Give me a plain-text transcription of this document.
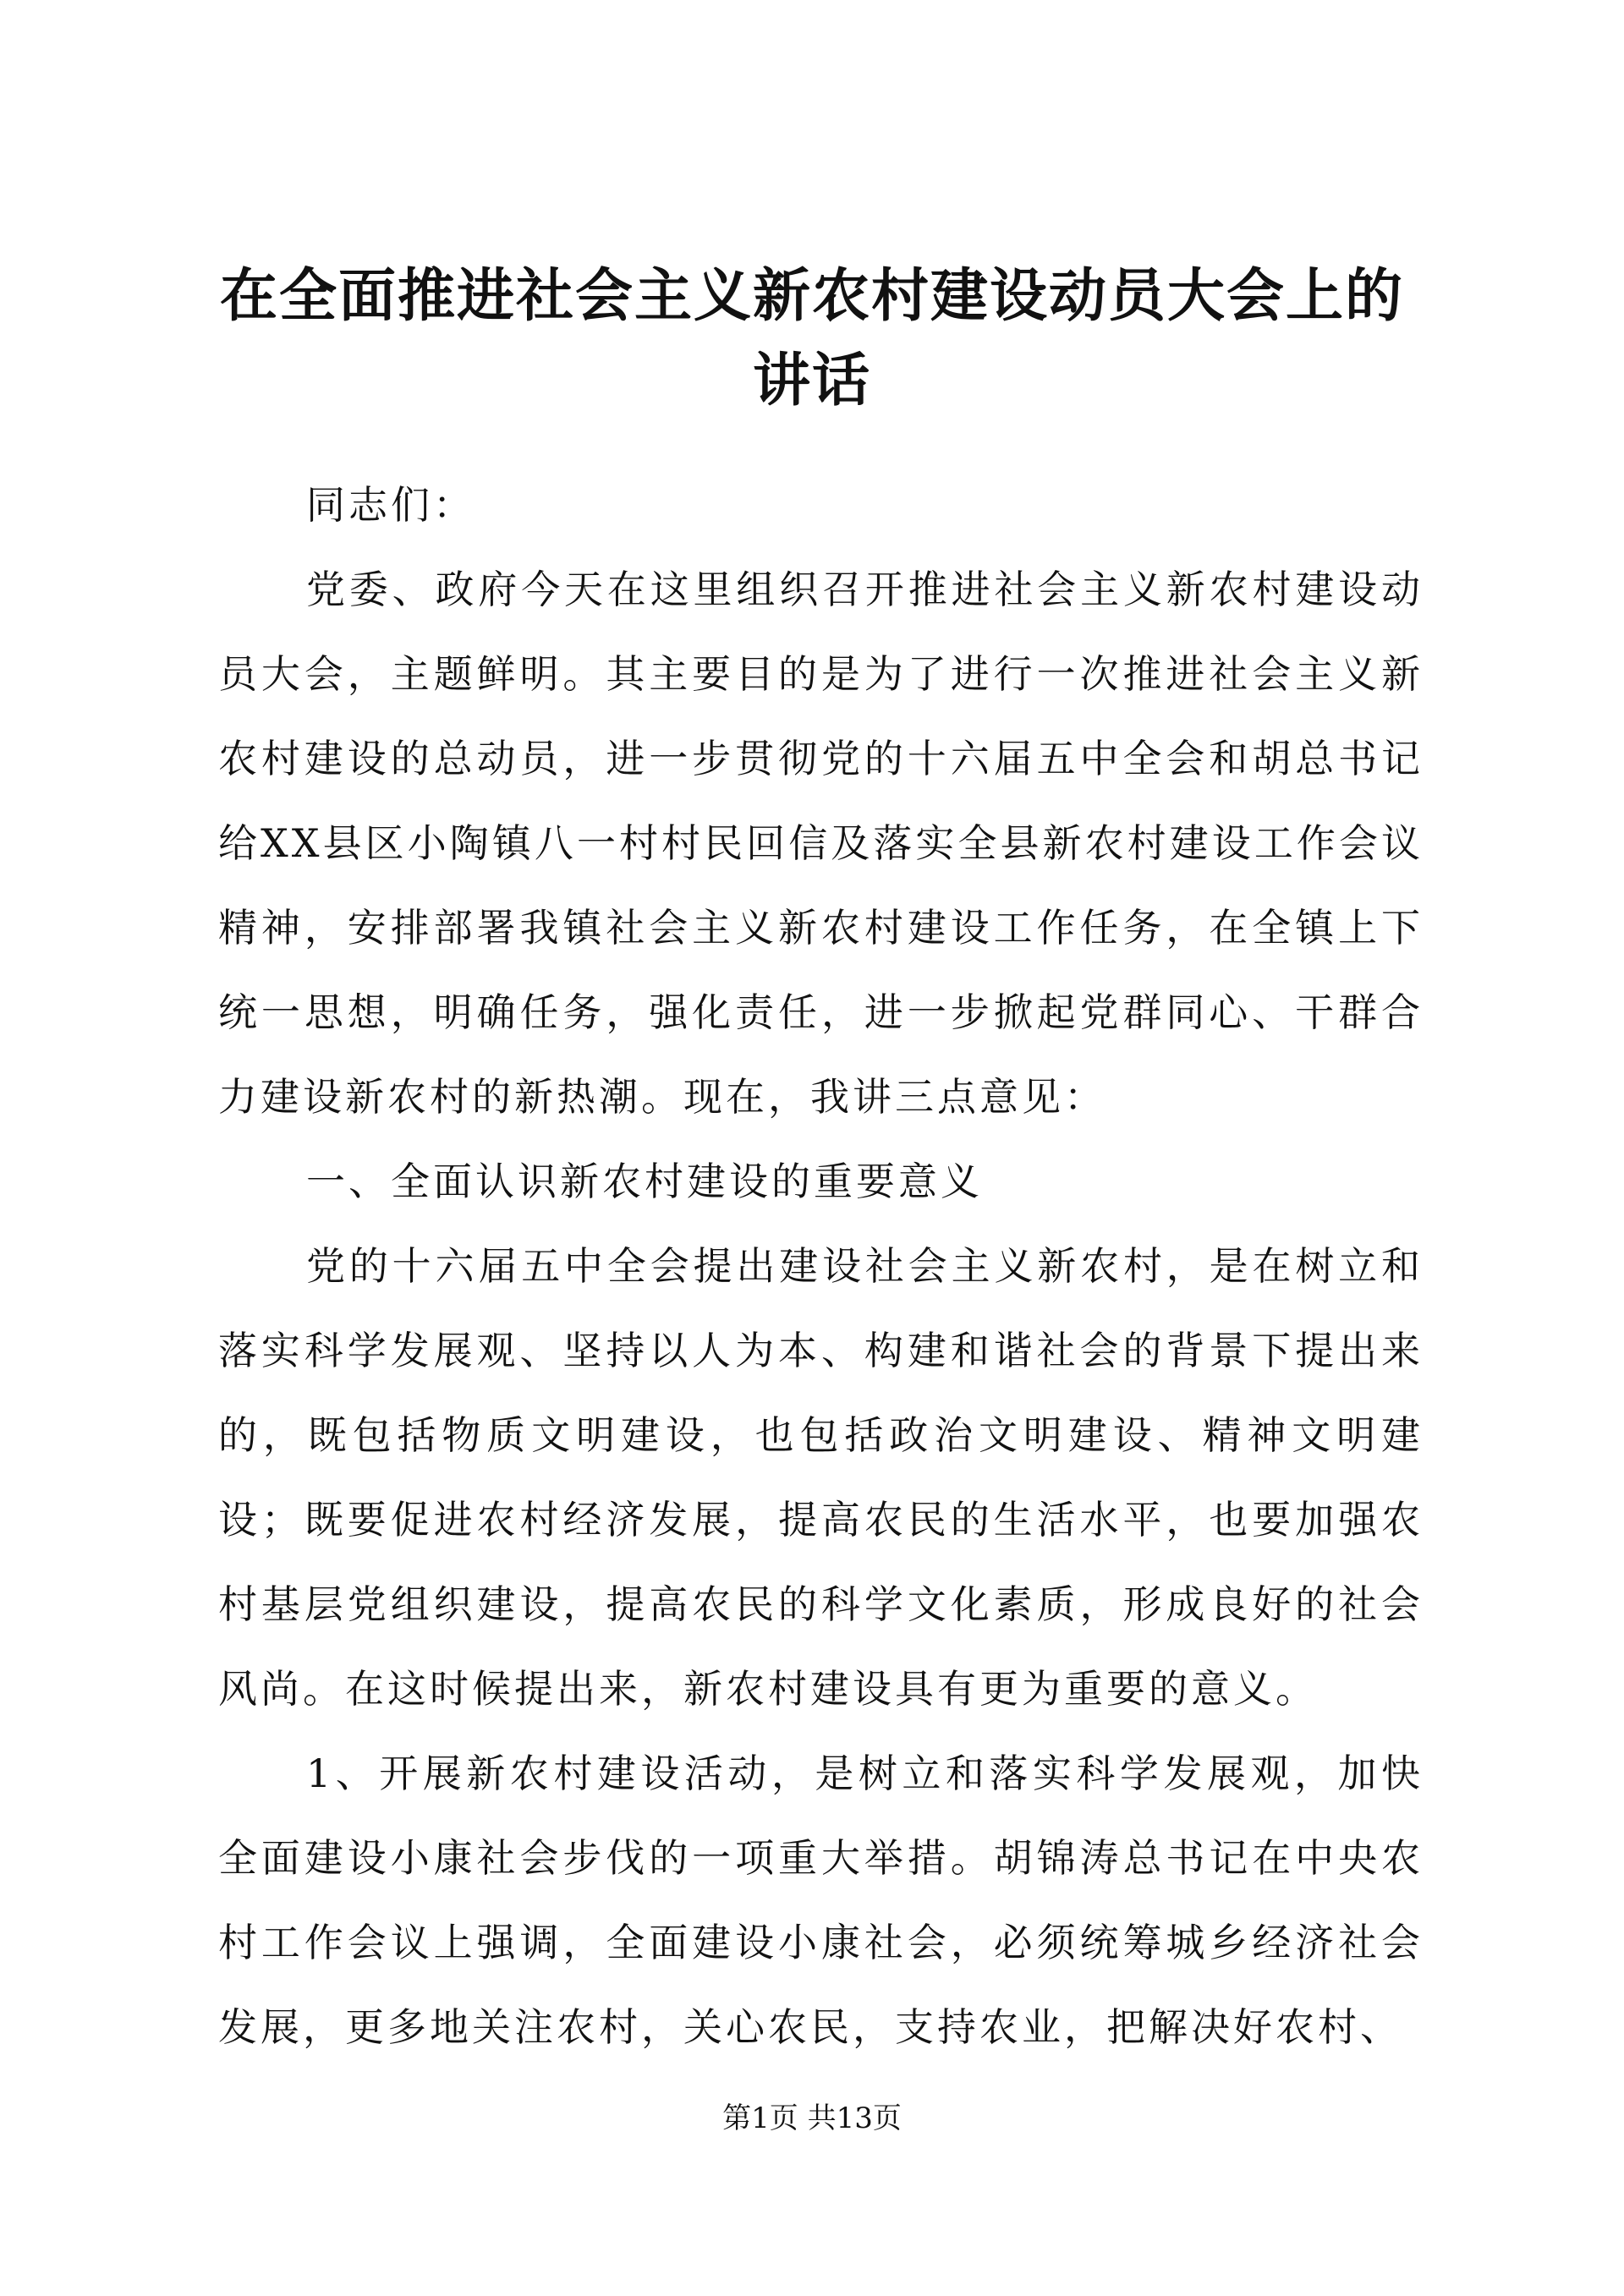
在全面推进社会主义新农村建设动员大会上的讲话

同志们：

党委、政府今天在这里组织召开推进社会主义新农村建设动员大会，主题鲜明。其主要目的是为了进行一次推进社会主义新农村建设的总动员，进一步贯彻党的十六届五中全会和胡总书记给XX县区小陶镇八一村村民回信及落实全县新农村建设工作会议精神，安排部署我镇社会主义新农村建设工作任务，在全镇上下统一思想，明确任务，强化责任，进一步掀起党群同心、干群合力建设新农村的新热潮。现在，我讲三点意见：

一、全面认识新农村建设的重要意义

党的十六届五中全会提出建设社会主义新农村，是在树立和落实科学发展观、坚持以人为本、构建和谐社会的背景下提出来的，既包括物质文明建设，也包括政治文明建设、精神文明建设；既要促进农村经济发展，提高农民的生活水平，也要加强农村基层党组织建设，提高农民的科学文化素质，形成良好的社会风尚。在这时候提出来，新农村建设具有更为重要的意义。

1、开展新农村建设活动，是树立和落实科学发展观，加快全面建设小康社会步伐的一项重大举措。胡锦涛总书记在中央农村工作会议上强调，全面建设小康社会，必须统筹城乡经济社会发展，更多地关注农村，关心农民，支持农业，把解决好农村、

第1页 共13页
